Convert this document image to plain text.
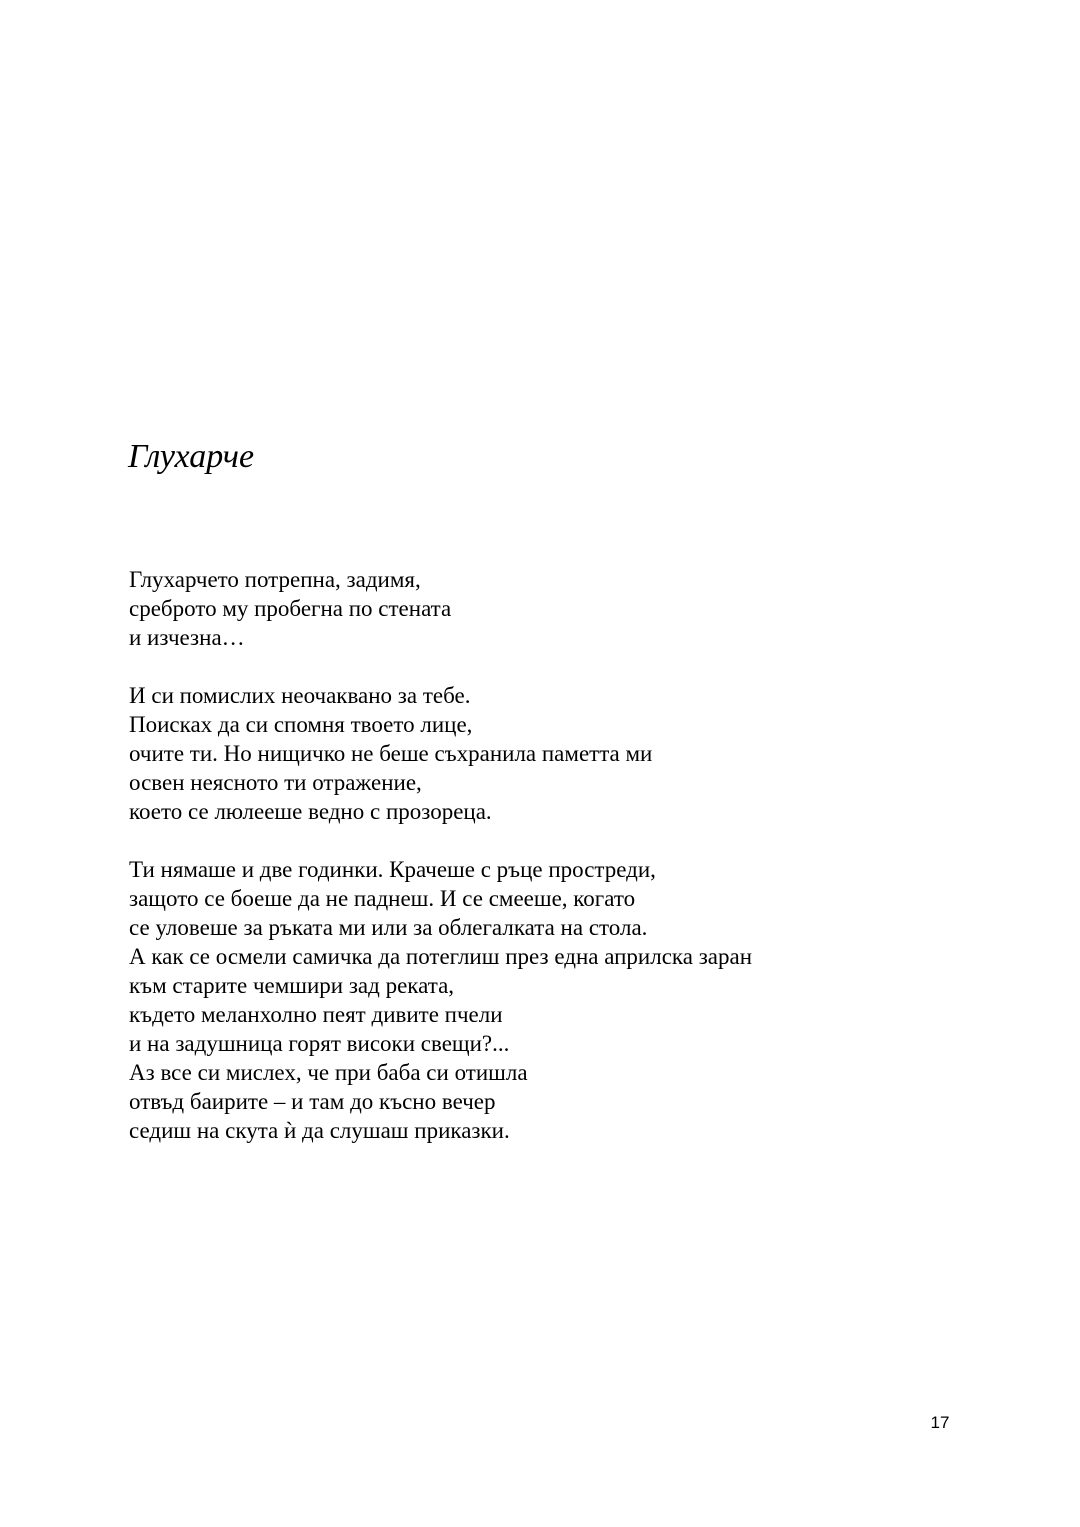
Глухарче
Глухарчето потрепна, задимя,
среброто му пробегна по стената
и изчезна…
И си помислих неочаквано за тебе.
Поисках да си спомня твоето лице,
очите ти. Но нищичко не беше съхранила паметта ми
освен неясното ти отражение,
което се люлееше ведно с прозореца.
Ти нямаше и две годинки. Крачеше с ръце простреди,
защото се боеше да не паднеш. И се смееше, когато
се уловеше за ръката ми или за облегалката на стола.
А как се осмели самичка да потеглиш през една априлска заран
към старите чемшири зад реката,
където меланхолно пеят дивите пчели
и на задушница горят високи свещи?...
Аз все си мислех, че при баба си отишла
отвъд баирите – и там до късно вечер
седиш на скута ѝ да слушаш приказки.
17
